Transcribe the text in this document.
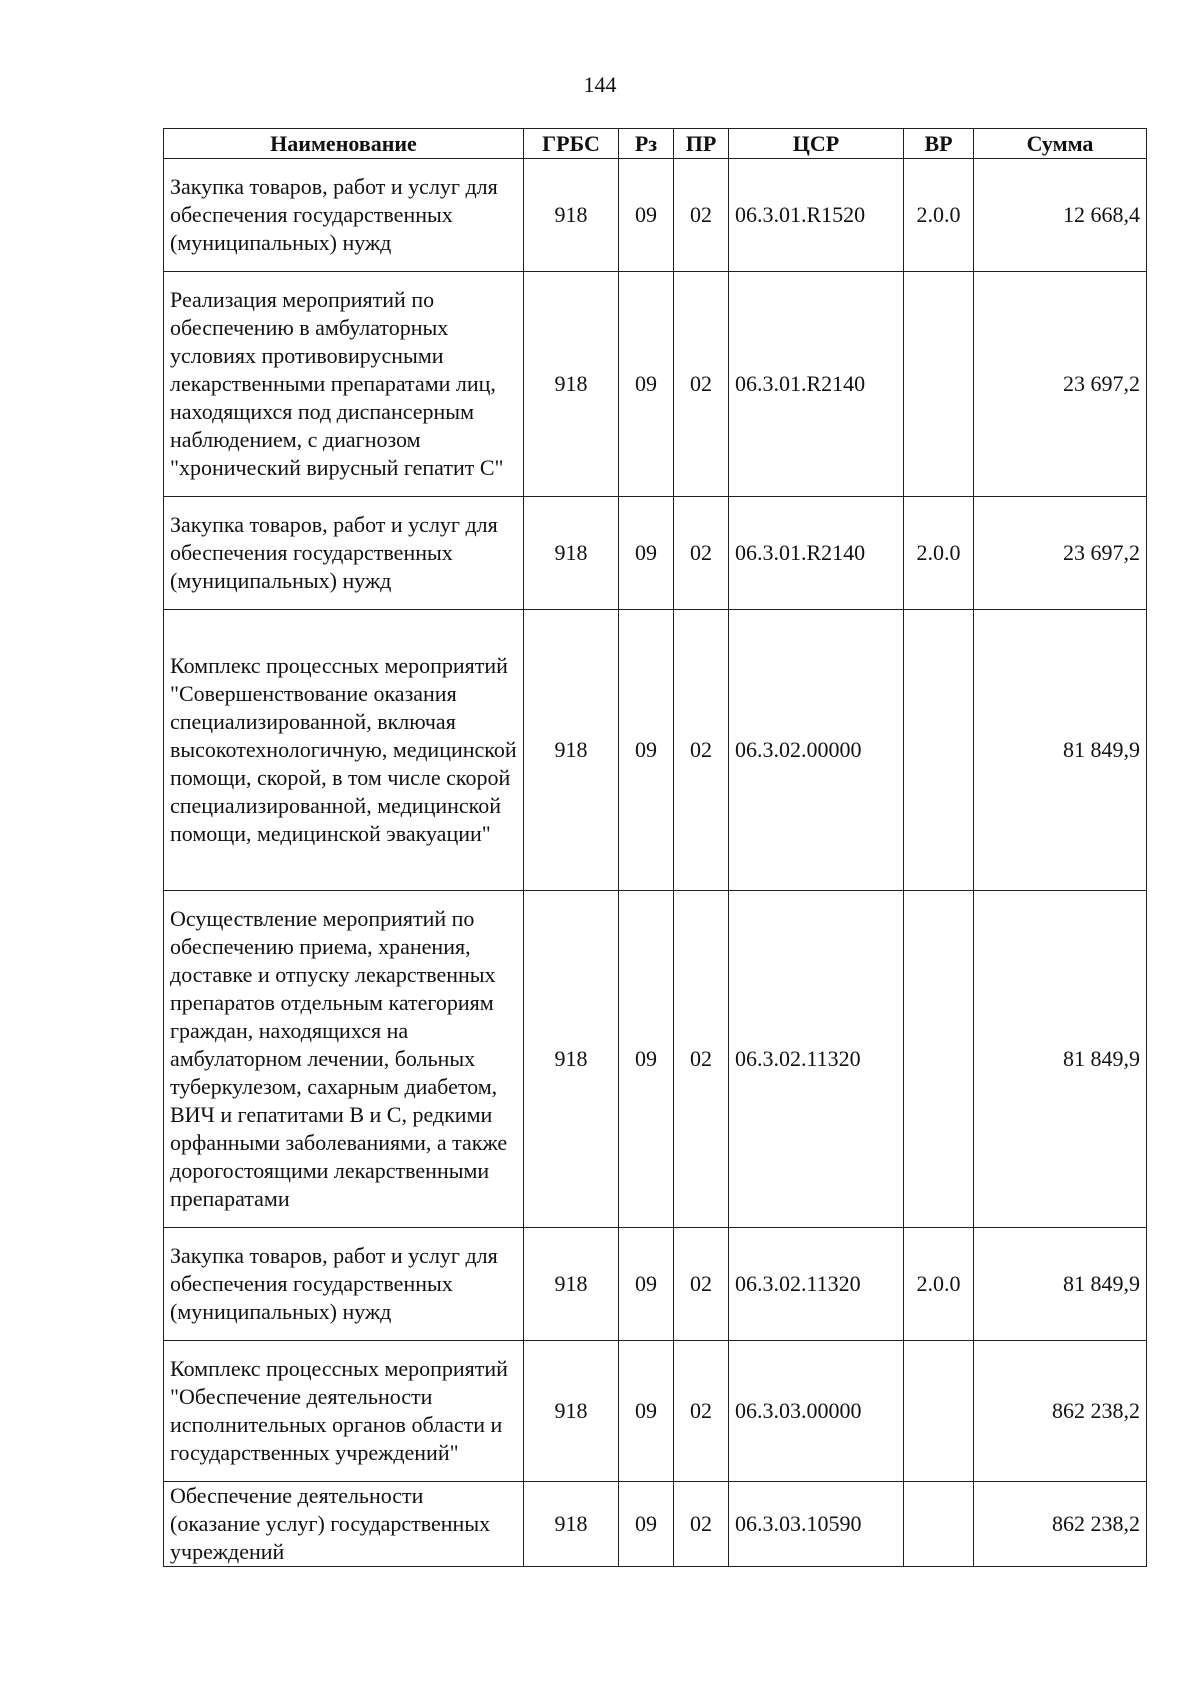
144
Наименование	ГРБС	Рз	ПР	ЦСР	ВР	Сумма
Закупка товаров, работ и услуг для обеспечения государственных (муниципальных) нужд	918	09	02	06.3.01.R1520	2.0.0	12 668,4
Реализация мероприятий по обеспечению в амбулаторных условиях противовирусными лекарственными препаратами лиц, находящихся под диспансерным наблюдением, с диагнозом "хронический вирусный гепатит С"	918	09	02	06.3.01.R2140		23 697,2
Закупка товаров, работ и услуг для обеспечения государственных (муниципальных) нужд	918	09	02	06.3.01.R2140	2.0.0	23 697,2
Комплекс процессных мероприятий "Совершенствование оказания специализированной, включая высокотехнологичную, медицинской помощи, скорой, в том числе скорой специализированной, медицинской помощи, медицинской эвакуации"	918	09	02	06.3.02.00000		81 849,9
Осуществление мероприятий по обеспечению приема, хранения, доставке и отпуску лекарственных препаратов отдельным категориям граждан, находящихся на амбулаторном лечении, больных туберкулезом, сахарным диабетом, ВИЧ и гепатитами В и С, редкими орфанными заболеваниями, а также дорогостоящими лекарственными препаратами	918	09	02	06.3.02.11320		81 849,9
Закупка товаров, работ и услуг для обеспечения государственных (муниципальных) нужд	918	09	02	06.3.02.11320	2.0.0	81 849,9
Комплекс процессных мероприятий "Обеспечение деятельности исполнительных органов области и государственных учреждений"	918	09	02	06.3.03.00000		862 238,2
Обеспечение деятельности (оказание услуг) государственных учреждений	918	09	02	06.3.03.10590		862 238,2
